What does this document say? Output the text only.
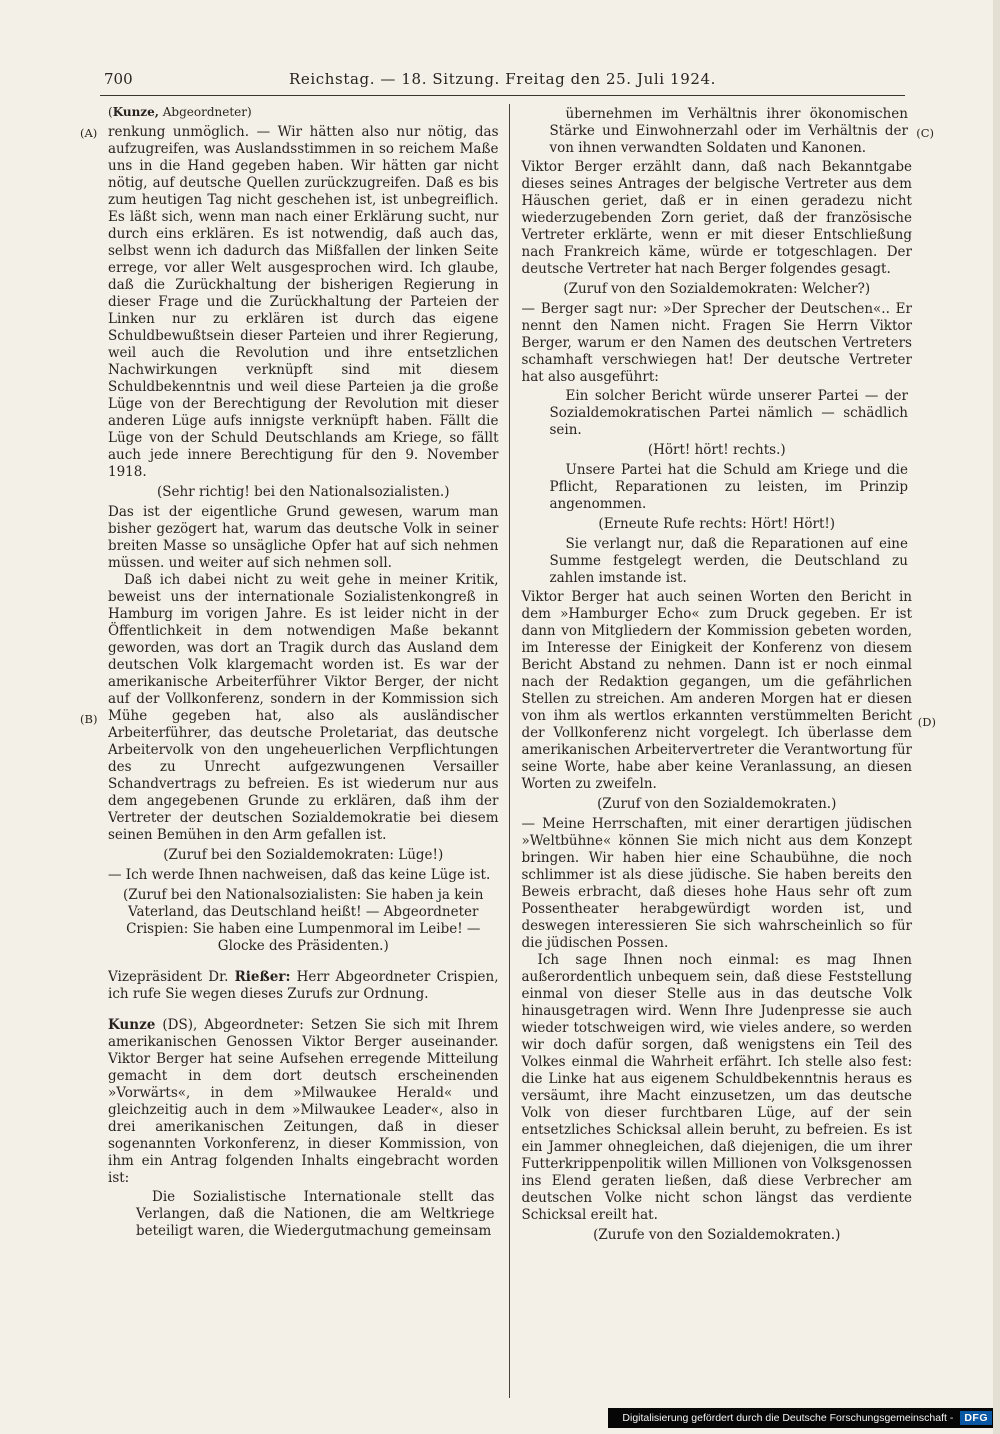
700	Reichstag. — 18. Sitzung. Freitag den 25. Juli 1924.

(Kunze, Abgeordneter)

renkung unmöglich. — Wir hätten also nur nötig, das aufzugreifen, was Auslandsstimmen in so reichem Maße uns in die Hand gegeben haben. Wir hätten gar nicht nötig, auf deutsche Quellen zurückzugreifen. Daß es bis zum heutigen Tag nicht geschehen ist, ist unbegreiflich. Es läßt sich, wenn man nach einer Erklärung sucht, nur durch eins erklären. Es ist notwendig, daß auch das, selbst wenn ich dadurch das Mißfallen der linken Seite errege, vor aller Welt ausgesprochen wird. Ich glaube, daß die Zurückhaltung der bisherigen Regierung in dieser Frage und die Zurückhaltung der Parteien der Linken nur zu erklären ist durch das eigene Schuldbewußtsein dieser Parteien und ihrer Regierung, weil auch die Revolution und ihre entsetzlichen Nachwirkungen verknüpft sind mit diesem Schuldbekenntnis und weil diese Parteien ja die große Lüge von der Berechtigung der Revolution mit dieser anderen Lüge aufs innigste verknüpft haben. Fällt die Lüge von der Schuld Deutschlands am Kriege, so fällt auch jede innere Berechtigung für den 9. November 1918.

(Sehr richtig! bei den Nationalsozialisten.)

Das ist der eigentliche Grund gewesen, warum man bisher gezögert hat, warum das deutsche Volk in seiner breiten Masse so unsägliche Opfer hat auf sich nehmen müssen. und weiter auf sich nehmen soll.

Daß ich dabei nicht zu weit gehe in meiner Kritik, beweist uns der internationale Sozialistenkongreß in Hamburg im vorigen Jahre. Es ist leider nicht in der Öffentlichkeit in dem notwendigen Maße bekannt geworden, was dort an Tragik durch das Ausland dem deutschen Volk klargemacht worden ist. Es war der amerikanische Arbeiterführer Viktor Berger, der nicht auf der Vollkonferenz, sondern in der Kommission sich Mühe gegeben hat, also als ausländischer Arbeiterführer, das deutsche Proletariat, das deutsche Arbeitervolk von den ungeheuerlichen Verpflichtungen des zu Unrecht aufgezwungenen Versailler Schandvertrags zu befreien. Es ist wiederum nur aus dem angegebenen Grunde zu erklären, daß ihm der Vertreter der deutschen Sozialdemokratie bei diesem seinen Bemühen in den Arm gefallen ist.

(Zuruf bei den Sozialdemokraten: Lüge!)

— Ich werde Ihnen nachweisen, daß das keine Lüge ist.

(Zuruf bei den Nationalsozialisten: Sie haben ja kein Vaterland, das Deutschland heißt! — Abgeordneter Crispien: Sie haben eine Lumpenmoral im Leibe! — Glocke des Präsidenten.)

Vizepräsident Dr. Rießer: Herr Abgeordneter Crispien, ich rufe Sie wegen dieses Zurufs zur Ordnung.

Kunze (DS), Abgeordneter: Setzen Sie sich mit Ihrem amerikanischen Genossen Viktor Berger auseinander. Viktor Berger hat seine Aufsehen erregende Mitteilung gemacht in dem dort deutsch erscheinenden »Vorwärts«, in dem »Milwaukee Herald« und gleichzeitig auch in dem »Milwaukee Leader«, also in drei amerikanischen Zeitungen, daß in dieser sogenannten Vorkonferenz, in dieser Kommission, von ihm ein Antrag folgenden Inhalts eingebracht worden ist:

Die Sozialistische Internationale stellt das Verlangen, daß die Nationen, die am Weltkriege beteiligt waren, die Wiedergutmachung gemeinsam

übernehmen im Verhältnis ihrer ökonomischen Stärke und Einwohnerzahl oder im Verhältnis der von ihnen verwandten Soldaten und Kanonen.

Viktor Berger erzählt dann, daß nach Bekanntgabe dieses seines Antrages der belgische Vertreter aus dem Häuschen geriet, daß er in einen geradezu nicht wiederzugebenden Zorn geriet, daß der französische Vertreter erklärte, wenn er mit dieser Entschließung nach Frankreich käme, würde er totgeschlagen. Der deutsche Vertreter hat nach Berger folgendes gesagt.

(Zuruf von den Sozialdemokraten: Welcher?)

— Berger sagt nur: »Der Sprecher der Deutschen«.. Er nennt den Namen nicht. Fragen Sie Herrn Viktor Berger, warum er den Namen des deutschen Vertreters schamhaft verschwiegen hat! Der deutsche Vertreter hat also ausgeführt:

Ein solcher Bericht würde unserer Partei — der Sozialdemokratischen Partei nämlich — schädlich sein.

(Hört! hört! rechts.)

Unsere Partei hat die Schuld am Kriege und die Pflicht, Reparationen zu leisten, im Prinzip angenommen.

(Erneute Rufe rechts: Hört! Hört!)

Sie verlangt nur, daß die Reparationen auf eine Summe festgelegt werden, die Deutschland zu zahlen imstande ist.

Viktor Berger hat auch seinen Worten den Bericht in dem »Hamburger Echo« zum Druck gegeben. Er ist dann von Mitgliedern der Kommission gebeten worden, im Interesse der Einigkeit der Konferenz von diesem Bericht Abstand zu nehmen. Dann ist er noch einmal nach der Redaktion gegangen, um die gefährlichen Stellen zu streichen. Am anderen Morgen hat er diesen von ihm als wertlos erkannten verstümmelten Bericht der Vollkonferenz nicht vorgelegt. Ich überlasse dem amerikanischen Arbeitervertreter die Verantwortung für seine Worte, habe aber keine Veranlassung, an diesen Worten zu zweifeln.

(Zuruf von den Sozialdemokraten.)

— Meine Herrschaften, mit einer derartigen jüdischen »Weltbühne« können Sie mich nicht aus dem Konzept bringen. Wir haben hier eine Schaubühne, die noch schlimmer ist als diese jüdische. Sie haben bereits den Beweis erbracht, daß dieses hohe Haus sehr oft zum Possentheater herabgewürdigt worden ist, und deswegen interessieren Sie sich wahrscheinlich so für die jüdischen Possen.

Ich sage Ihnen noch einmal: es mag Ihnen außerordentlich unbequem sein, daß diese Feststellung einmal von dieser Stelle aus in das deutsche Volk hinausgetragen wird. Wenn Ihre Judenpresse sie auch wieder totschweigen wird, wie vieles andere, so werden wir doch dafür sorgen, daß wenigstens ein Teil des Volkes einmal die Wahrheit erfährt. Ich stelle also fest: die Linke hat aus eigenem Schuldbekenntnis heraus es versäumt, ihre Macht einzusetzen, um das deutsche Volk von dieser furchtbaren Lüge, auf der sein entsetzliches Schicksal allein beruht, zu befreien. Es ist ein Jammer ohnegleichen, daß diejenigen, die um ihrer Futterkrippenpolitik willen Millionen von Volksgenossen ins Elend geraten ließen, daß diese Verbrecher am deutschen Volke nicht schon längst das verdiente Schicksal ereilt hat.

(Zurufe von den Sozialdemokraten.)

(A)
(B)
(C)
(D)
Digitalisierung gefördert durch die Deutsche Forschungsgemeinschaft -	DFG
